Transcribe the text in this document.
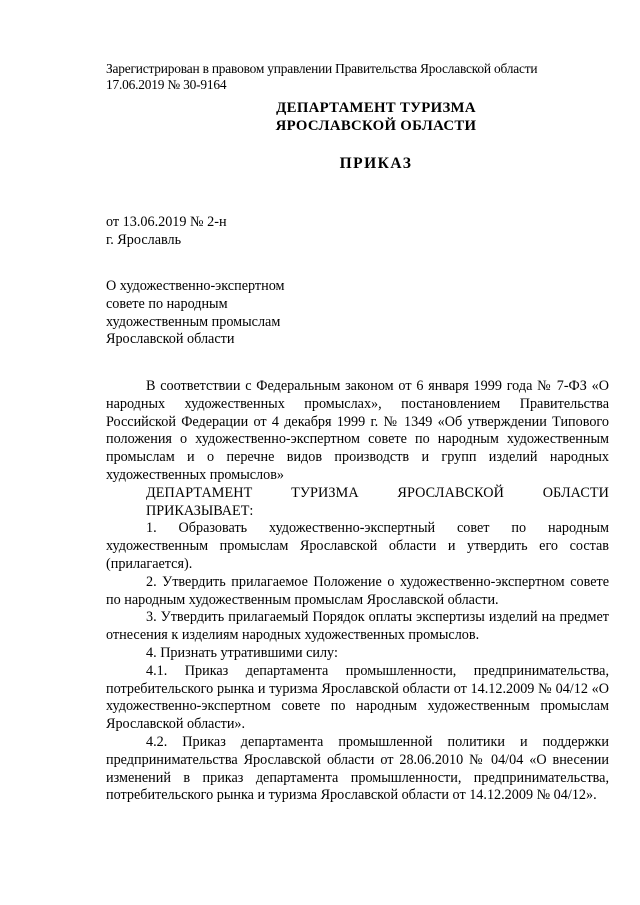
Зарегистрирован в правовом управлении Правительства Ярославской области
17.06.2019 № 30-9164
ДЕПАРТАМЕНТ ТУРИЗМА
ЯРОСЛАВСКОЙ ОБЛАСТИ
ПРИКАЗ
от 13.06.2019 № 2-н
г. Ярославль
О художественно-экспертном
совете по народным
художественным промыслам
Ярославской области

В соответствии с Федеральным законом от 6 января 1999 года № 7-ФЗ «О народных художественных промыслах», постановлением Правительства Российской Федерации от 4 декабря 1999 г. № 1349 «Об утверждении Типового положения о художественно-экспертном совете по народным художественным промыслам и о перечне видов производств и групп изделий народных художественных промыслов»

ДЕПАРТАМЕНТ ТУРИЗМА ЯРОСЛАВСКОЙ ОБЛАСТИ

ПРИКАЗЫВАЕТ:

1. Образовать художественно-экспертный совет по народным художественным промыслам Ярославской области и утвердить его состав (прилагается).

2. Утвердить прилагаемое Положение о художественно-экспертном совете по народным художественным промыслам Ярославской области.

3. Утвердить прилагаемый Порядок оплаты экспертизы изделий на предмет отнесения к изделиям народных художественных промыслов.

4. Признать утратившими силу:

4.1. Приказ департамента промышленности, предпринимательства, потребительского рынка и туризма Ярославской области от 14.12.2009 № 04/12 «О художественно-экспертном совете по народным художественным промыслам Ярославской области».

4.2. Приказ департамента промышленной политики и поддержки предпринимательства Ярославской области от 28.06.2010 № 04/04 «О внесении изменений в приказ департамента промышленности, предпринимательства, потребительского рынка и туризма Ярославской области от 14.12.2009 № 04/12».
